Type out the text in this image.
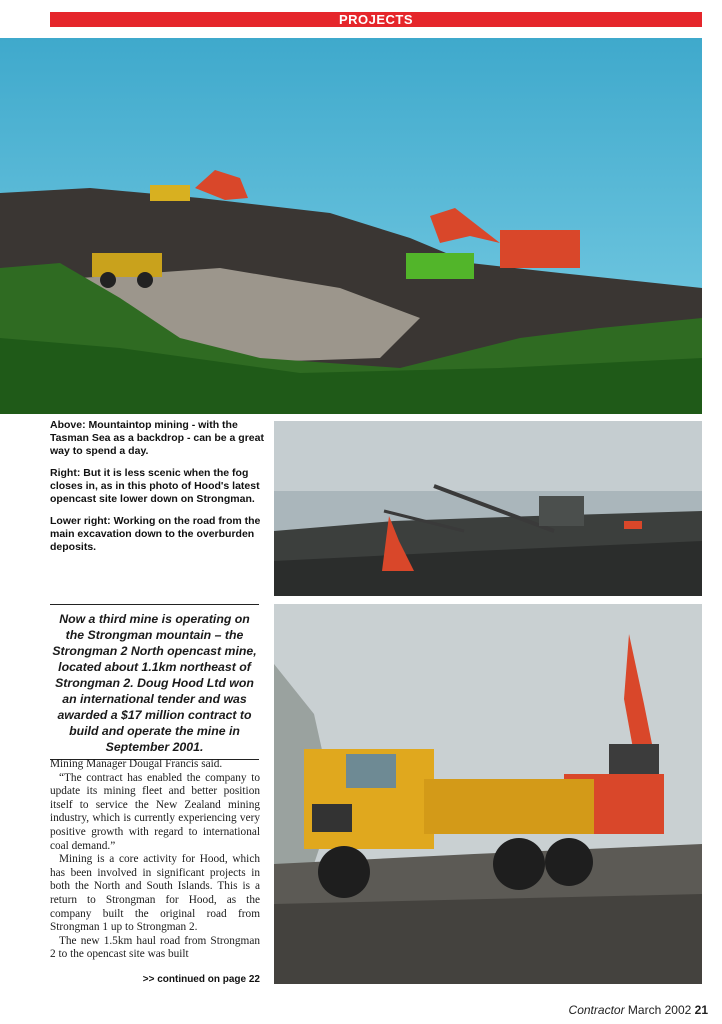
PROJECTS

Above: Mountaintop mining - with the Tasman Sea as a backdrop - can be a great way to spend a day.

Right: But it is less scenic when the fog closes in, as in this photo of Hood's latest opencast site lower down on Strongman.

Lower right: Working on the road from the main excavation down to the overburden deposits.

Now a third mine is operating on the Strongman mountain – the Strongman 2 North opencast mine, located about 1.1km northeast of Strongman 2. Doug Hood Ltd won an international tender and was awarded a $17 million contract to build and operate the mine in September 2001.

Mining Manager Dougal Francis said.

“The contract has enabled the company to update its mining fleet and better position itself to service the New Zealand mining industry, which is currently experiencing very positive growth with regard to international coal demand.”

Mining is a core activity for Hood, which has been involved in significant projects in both the North and South Islands. This is a return to Strongman for Hood, as the company built the original road from Strongman 1 up to Strongman 2.

The new 1.5km haul road from Strongman 2 to the opencast site was built

>> continued on page 22
Contractor March 2002 21
